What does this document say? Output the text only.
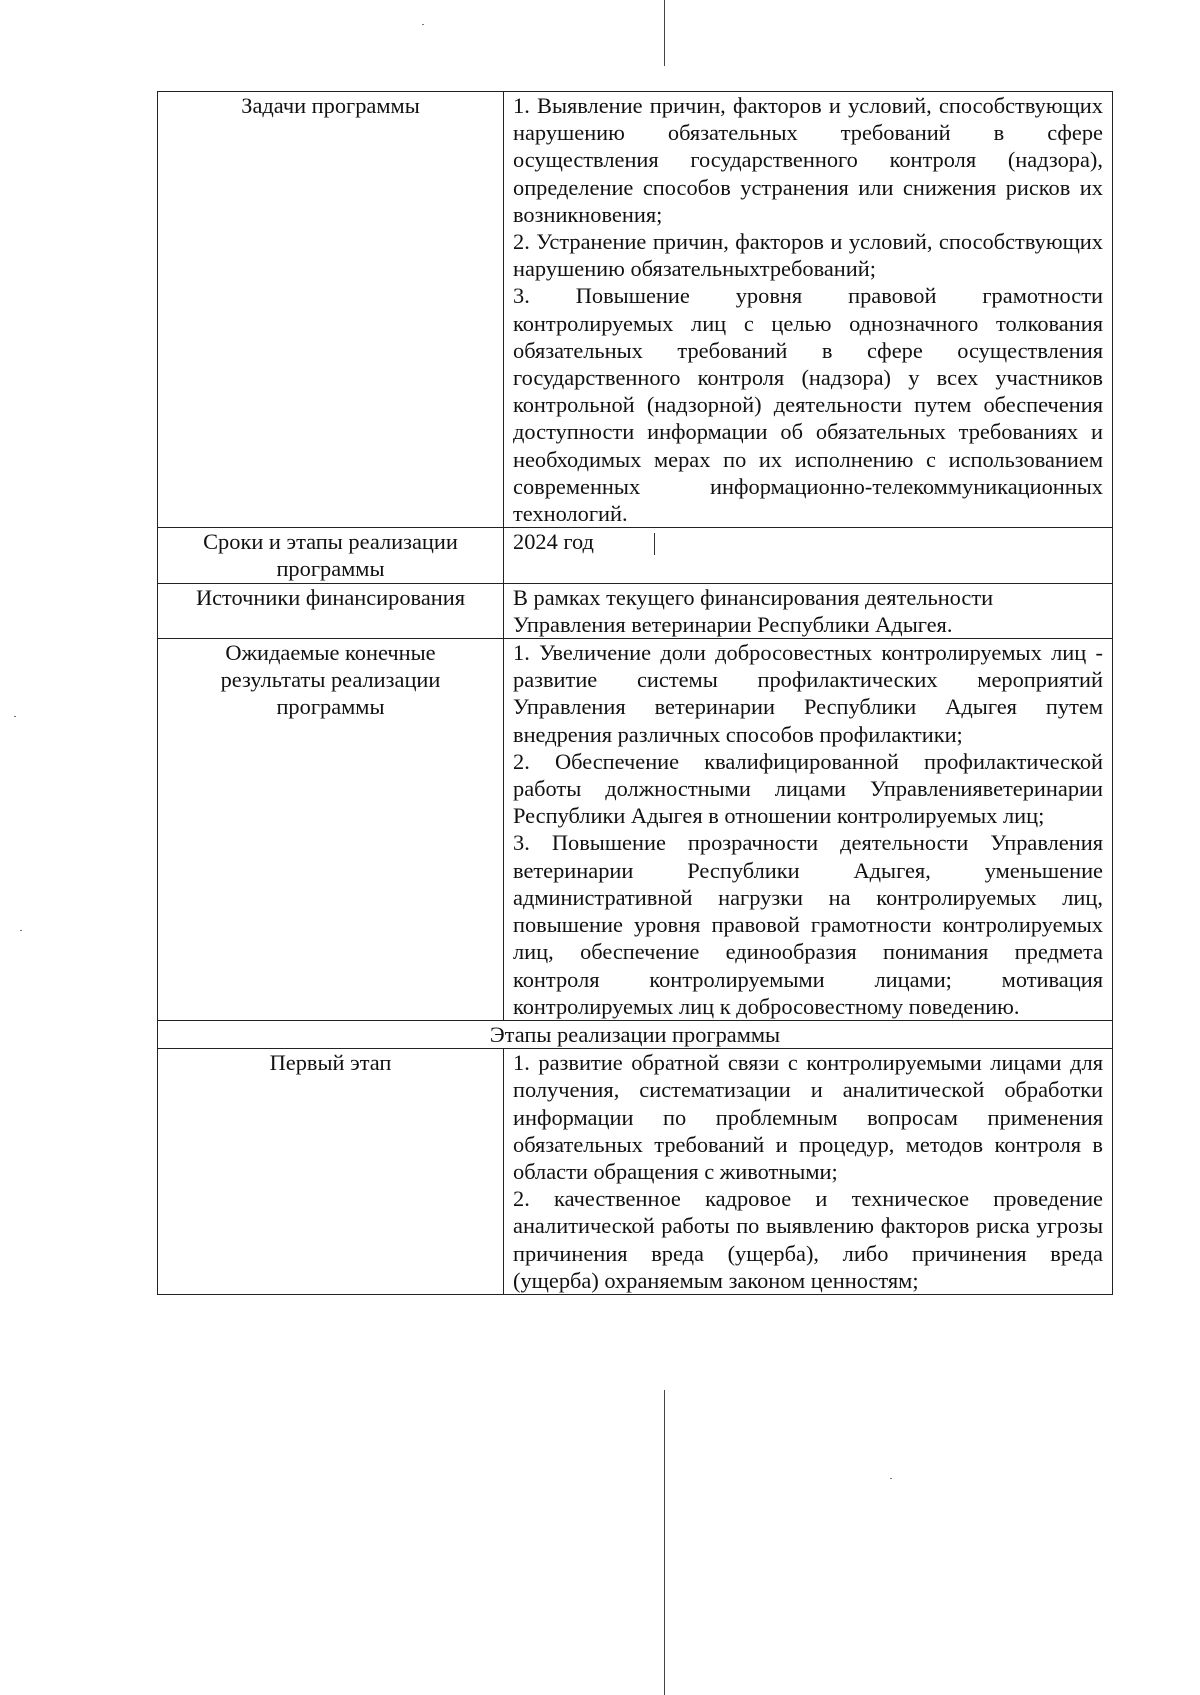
Задачи программы	1. Выявление причин, факторов и условий, способствующих нарушению обязательных требований в сфере осуществления государственного контроля (надзора), определение способов устранения или снижения рисков их возникновения;

2. Устранение причин, факторов и условий, способствующих нарушению обязательныхтребований;

3. Повышение уровня правовой грамотности контролируемых лиц с целью однозначного толкования обязательных требований в сфере осуществления государственного контроля (надзора) у всех участников контрольной (надзорной) деятельности путем обеспечения доступности информации об обязательных требованиях и необходимых мерах по их исполнению с использованием современных информационно-телекоммуникационных технологий.

Сроки и этапы реализации программы	2024 год

Источники финансирования	В рамках текущего финансирования деятельности Управления ветеринарии Республики Адыгея.

Ожидаемые конечные результаты реализации программы	1. Увеличение доли добросовестных контролируемых лиц - развитие системы профилактических мероприятий Управления ветеринарии Республики Адыгея путем внедрения различных способов профилактики;

2. Обеспечение квалифицированной профилактической работы должностными лицами Управленияветеринарии Республики Адыгея в отношении контролируемых лиц;

3. Повышение прозрачности деятельности Управления ветеринарии Республики Адыгея, уменьшение административной нагрузки на контролируемых лиц, повышение уровня правовой грамотности контролируемых лиц, обеспечение единообразия понимания предмета контроля контролируемыми лицами; мотивация контролируемых лиц к добросовестному поведению.

Этапы реализации программы	

Первый этап	1. развитие обратной связи с контролируемыми лицами для получения, систематизации и аналитической обработки информации по проблемным вопросам применения обязательных требований и процедур, методов контроля в области обращения с животными;

2. качественное кадровое и техническое проведение аналитической работы по выявлению факторов риска угрозы причинения вреда (ущерба), либо причинения вреда (ущерба) охраняемым законом ценностям;
